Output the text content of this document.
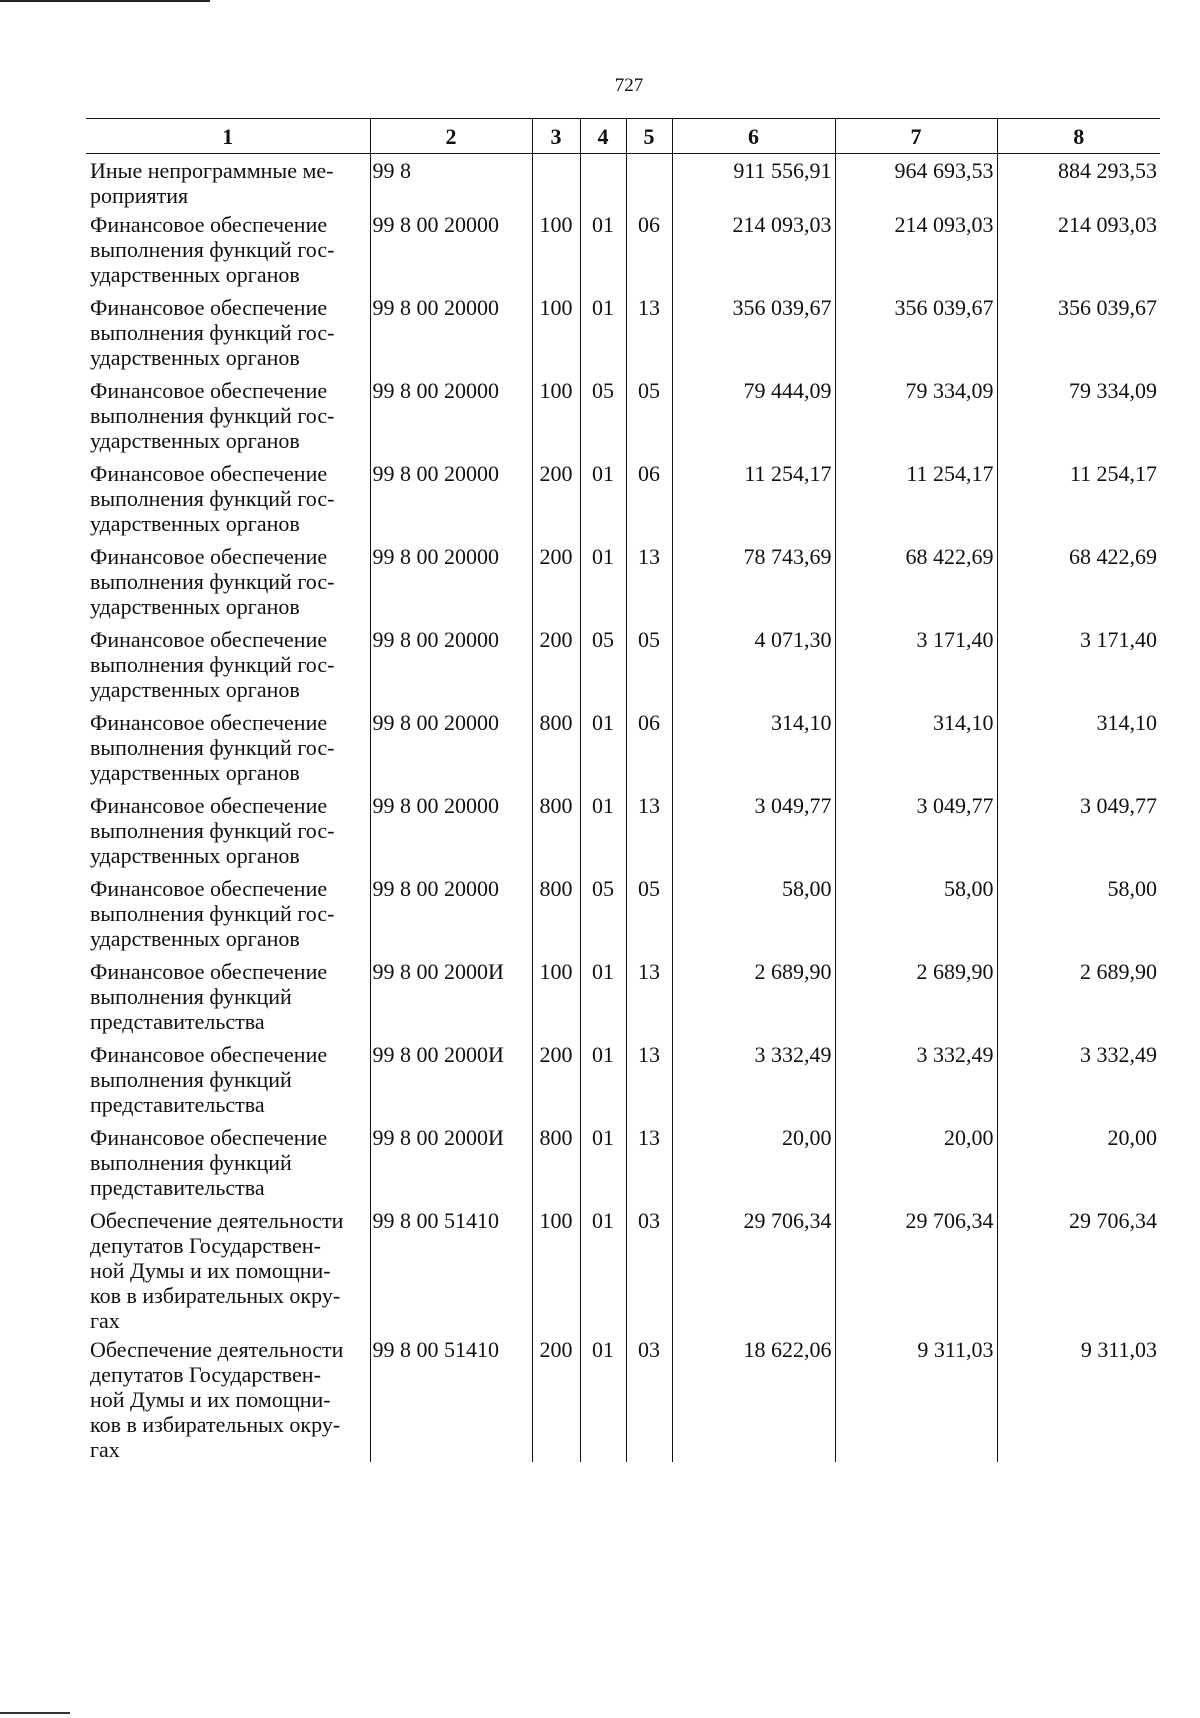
727
1	2	3	4	5	6	7	8
Иные непрограммные ме-
роприятия	99 8				911 556,91	964 693,53	884 293,53
Финансовое обеспечение
выполнения функций гос-
ударственных органов	99 8 00 20000	100	01	06	214 093,03	214 093,03	214 093,03
Финансовое обеспечение
выполнения функций гос-
ударственных органов	99 8 00 20000	100	01	13	356 039,67	356 039,67	356 039,67
Финансовое обеспечение
выполнения функций гос-
ударственных органов	99 8 00 20000	100	05	05	79 444,09	79 334,09	79 334,09
Финансовое обеспечение
выполнения функций гос-
ударственных органов	99 8 00 20000	200	01	06	11 254,17	11 254,17	11 254,17
Финансовое обеспечение
выполнения функций гос-
ударственных органов	99 8 00 20000	200	01	13	78 743,69	68 422,69	68 422,69
Финансовое обеспечение
выполнения функций гос-
ударственных органов	99 8 00 20000	200	05	05	4 071,30	3 171,40	3 171,40
Финансовое обеспечение
выполнения функций гос-
ударственных органов	99 8 00 20000	800	01	06	314,10	314,10	314,10
Финансовое обеспечение
выполнения функций гос-
ударственных органов	99 8 00 20000	800	01	13	3 049,77	3 049,77	3 049,77
Финансовое обеспечение
выполнения функций гос-
ударственных органов	99 8 00 20000	800	05	05	58,00	58,00	58,00
Финансовое обеспечение
выполнения функций
представительства	99 8 00 2000И	100	01	13	2 689,90	2 689,90	2 689,90
Финансовое обеспечение
выполнения функций
представительства	99 8 00 2000И	200	01	13	3 332,49	3 332,49	3 332,49
Финансовое обеспечение
выполнения функций
представительства	99 8 00 2000И	800	01	13	20,00	20,00	20,00
Обеспечение деятельности
депутатов Государствен-
ной Думы и их помощни-
ков в избирательных окру-
гах	99 8 00 51410	100	01	03	29 706,34	29 706,34	29 706,34
Обеспечение деятельности
депутатов Государствен-
ной Думы и их помощни-
ков в избирательных окру-
гах	99 8 00 51410	200	01	03	18 622,06	9 311,03	9 311,03
